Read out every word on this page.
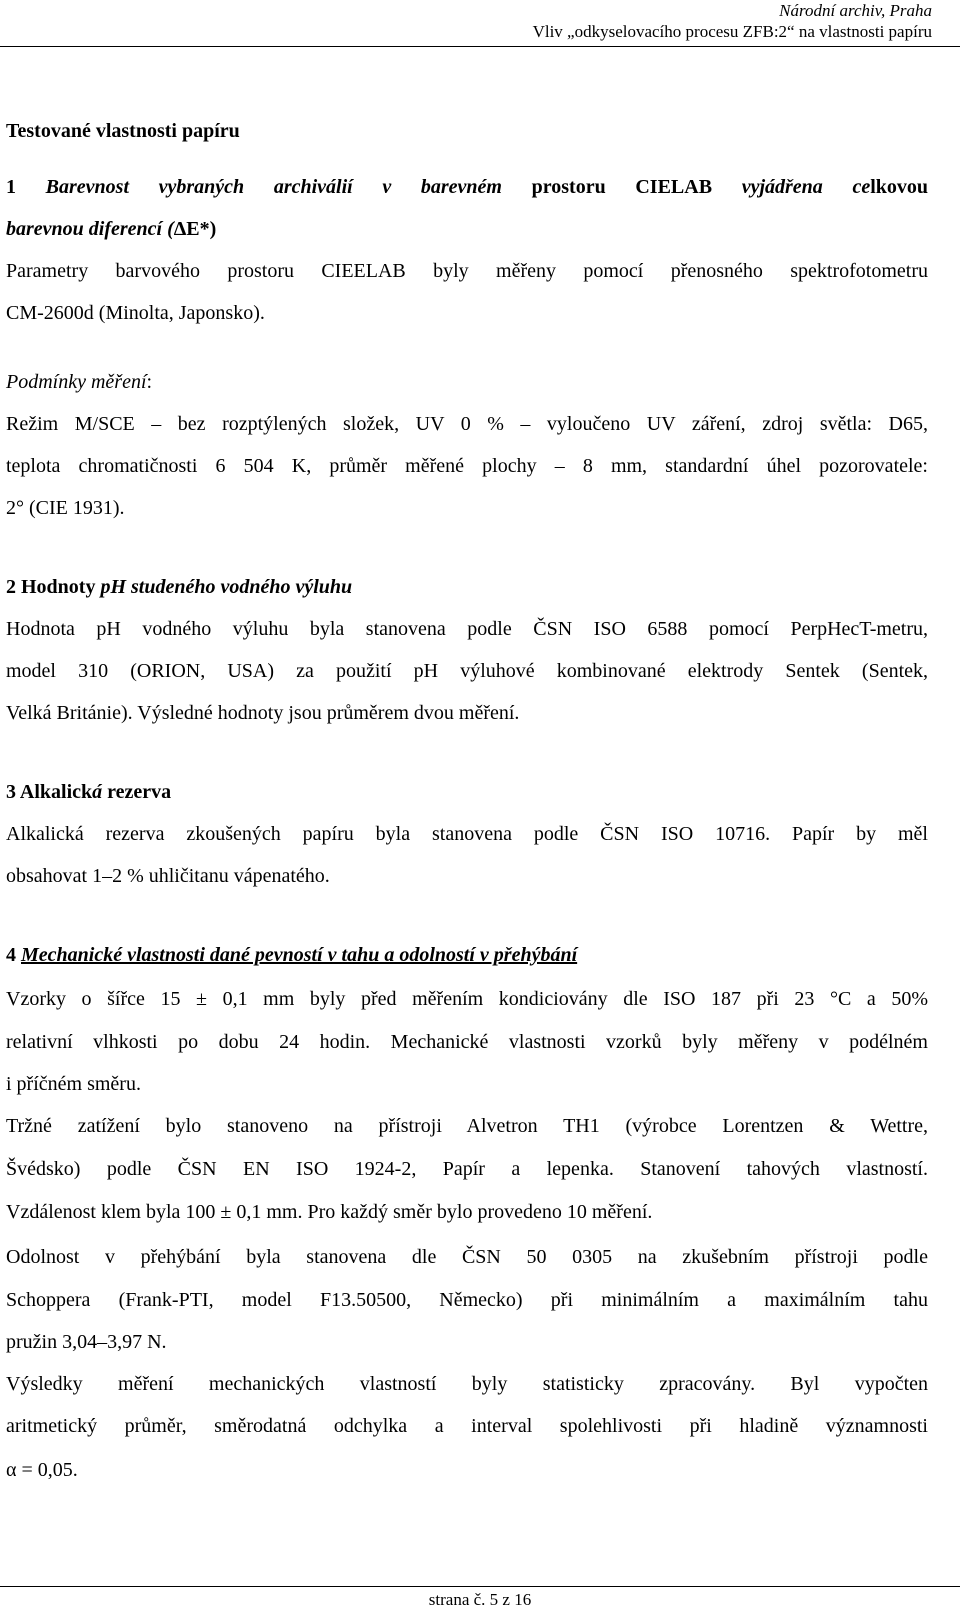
Národní archiv, Praha
Vliv „odkyselovacího procesu ZFB:2“ na vlastnosti papíru
Testované vlastnosti papíru
1 Barevnost vybraných archiválií v barevném prostoru CIELAB vyjádřena celkovou
barevnou diferencí (ΔE*)
Parametry barvového prostoru CIEELAB byly měřeny pomocí přenosného spektrofotometru
CM-2600d (Minolta, Japonsko).
Podmínky měření:
Režim M/SCE – bez rozptýlených složek, UV 0 % – vyloučeno UV záření, zdroj světla: D65,
teplota chromatičnosti 6 504 K, průměr měřené plochy – 8 mm, standardní úhel pozorovatele:
2° (CIE 1931).
2 Hodnoty pH studeného vodného výluhu
Hodnota pH vodného výluhu byla stanovena podle ČSN ISO 6588 pomocí PerpHecT-metru,
model 310 (ORION, USA) za použití pH výluhové kombinované elektrody Sentek (Sentek,
Velká Británie). Výsledné hodnoty jsou průměrem dvou měření.
3 Alkalická rezerva
Alkalická rezerva zkoušených papíru byla stanovena podle ČSN ISO 10716. Papír by měl
obsahovat 1–2 % uhličitanu vápenatého.
4 Mechanické vlastnosti dané pevností v tahu a odolností v přehýbání
Vzorky o šířce 15 ± 0,1 mm byly před měřením kondiciovány dle ISO 187 při 23 °C a 50%
relativní vlhkosti po dobu 24 hodin. Mechanické vlastnosti vzorků byly měřeny v podélném
i příčném směru.
Tržné zatížení bylo stanoveno na přístroji Alvetron TH1 (výrobce Lorentzen & Wettre,
Švédsko) podle ČSN EN ISO 1924-2, Papír a lepenka. Stanovení tahových vlastností.
Vzdálenost klem byla 100 ± 0,1 mm. Pro každý směr bylo provedeno 10 měření.
Odolnost v přehýbání byla stanovena dle ČSN 50 0305 na zkušebním přístroji podle
Schoppera (Frank-PTI, model F13.50500, Německo) při minimálním a maximálním tahu
pružin 3,04–3,97 N.
Výsledky měření mechanických vlastností byly statisticky zpracovány. Byl vypočten
aritmetický průměr, směrodatná odchylka a interval spolehlivosti při hladině významnosti
α = 0,05.
strana č. 5 z 16
